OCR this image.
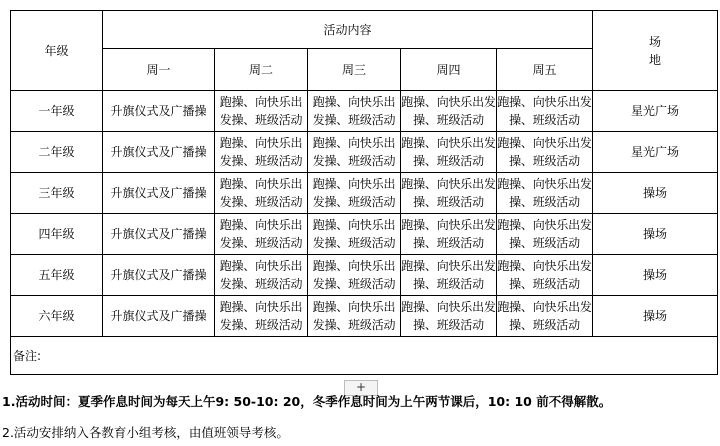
年级	活动内容					场
地

	周一	周二	周三	周四	周五	
一年级	升旗仪式及广播操	跑操、向快乐出发操、班级活动	跑操、向快乐出发操、班级活动	跑操、向快乐出发操、班级活动	跑操、向快乐出发操、班级活动	星光广场
二年级	升旗仪式及广播操	跑操、向快乐出发操、班级活动	跑操、向快乐出发操、班级活动	跑操、向快乐出发操、班级活动	跑操、向快乐出发操、班级活动	星光广场
三年级	升旗仪式及广播操	跑操、向快乐出发操、班级活动	跑操、向快乐出发操、班级活动	跑操、向快乐出发操、班级活动	跑操、向快乐出发操、班级活动	操场
四年级	升旗仪式及广播操	跑操、向快乐出发操、班级活动	跑操、向快乐出发操、班级活动	跑操、向快乐出发操、班级活动	跑操、向快乐出发操、班级活动	操场
五年级	升旗仪式及广播操	跑操、向快乐出发操、班级活动	跑操、向快乐出发操、班级活动	跑操、向快乐出发操、班级活动	跑操、向快乐出发操、班级活动	操场
六年级	升旗仪式及广播操	跑操、向快乐出发操、班级活动	跑操、向快乐出发操、班级活动	跑操、向快乐出发操、班级活动	跑操、向快乐出发操、班级活动	操场
备注:						
+
1.活动时间：夏季作息时间为每天上午9: 50-10: 20，冬季作息时间为上午两节课后，10: 10 前不得解散。
2.活动安排纳入各教育小组考核，由值班领导考核。
